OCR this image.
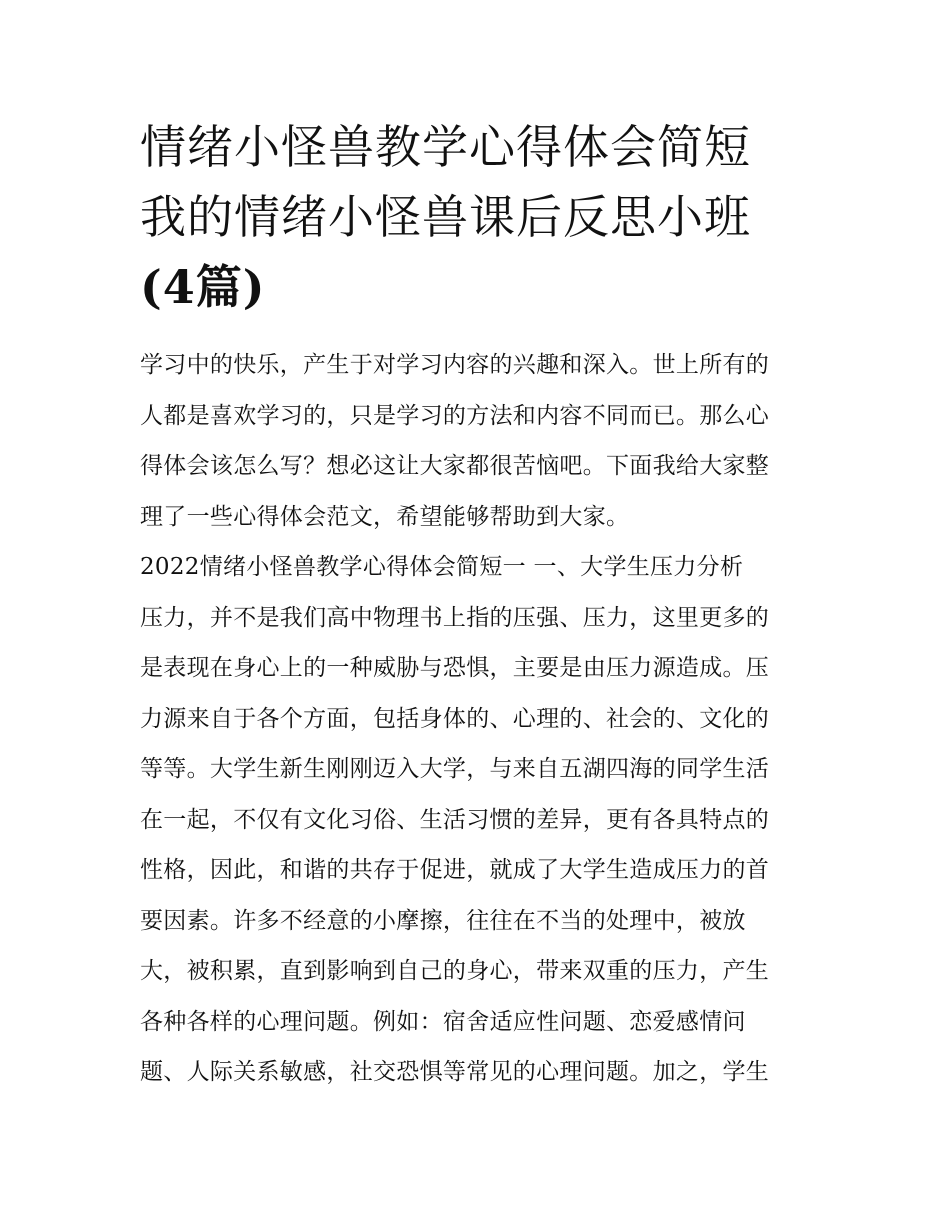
情绪小怪兽教学心得体会简短
我的情绪小怪兽课后反思小班
(4篇)
学习中的快乐，产生于对学习内容的兴趣和深入。世上所有的
人都是喜欢学习的，只是学习的方法和内容不同而已。那么心
得体会该怎么写？想必这让大家都很苦恼吧。下面我给大家整
理了一些心得体会范文，希望能够帮助到大家。
2022情绪小怪兽教学心得体会简短一 一、大学生压力分析
压力，并不是我们高中物理书上指的压强、压力，这里更多的
是表现在身心上的一种威胁与恐惧，主要是由压力源造成。压
力源来自于各个方面，包括身体的、心理的、社会的、文化的
等等。大学生新生刚刚迈入大学，与来自五湖四海的同学生活
在一起，不仅有文化习俗、生活习惯的差异，更有各具特点的
性格，因此，和谐的共存于促进，就成了大学生造成压力的首
要因素。许多不经意的小摩擦，往往在不当的处理中，被放
大，被积累，直到影响到自己的身心，带来双重的压力，产生
各种各样的心理问题。例如：宿舍适应性问题、恋爱感情问
题、人际关系敏感，社交恐惧等常见的心理问题。加之，学生
